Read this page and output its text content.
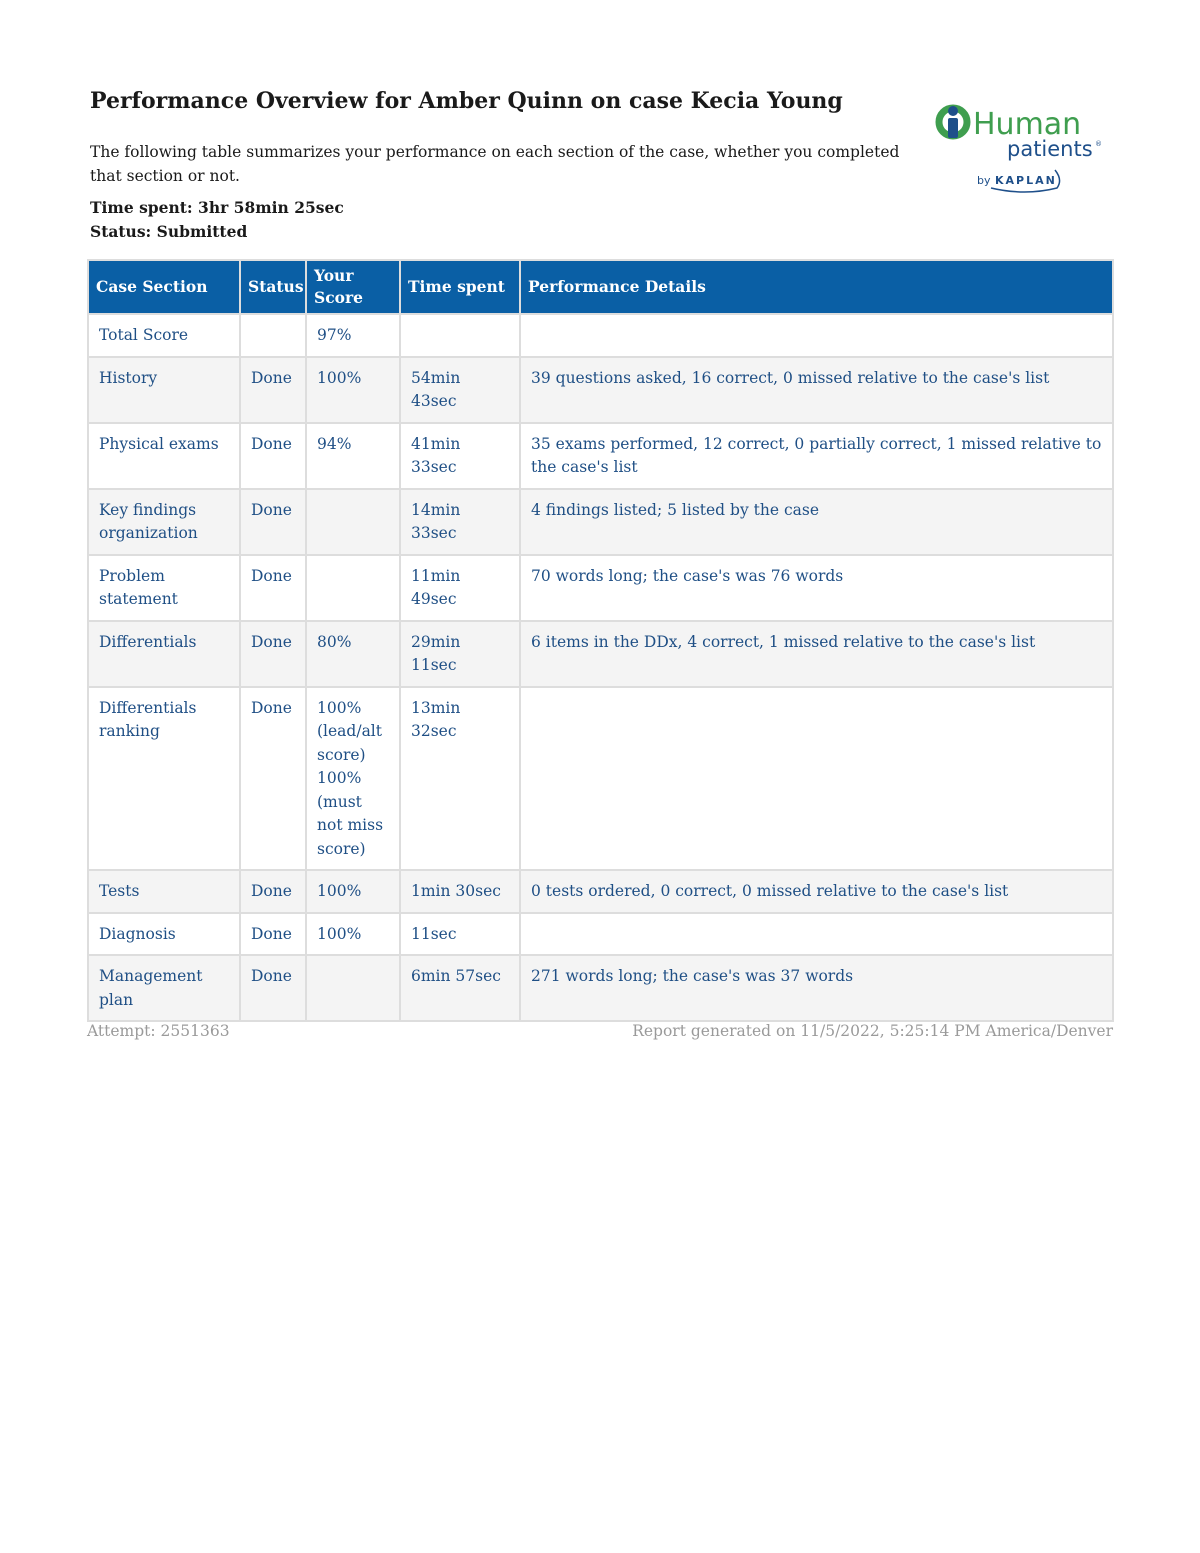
Performance Overview for Amber Quinn on case Kecia Young

The following table summarizes your performance on each section of the case, whether you completed that section or not.

Time spent: 3hr 58min 25sec
Status: Submitted
Human
patients ®
by KAPLAN
Case Section	Status	Your Score	Time spent	Performance Details
Total Score		97%		
History	Done	100%	54min 43sec	39 questions asked, 16 correct, 0 missed relative to the case's list
Physical exams	Done	94%	41min 33sec	35 exams performed, 12 correct, 0 partially correct, 1 missed relative to the case's list
Key findings organization	Done		14min 33sec	4 findings listed; 5 listed by the case
Problem statement	Done		11min 49sec	70 words long; the case's was 76 words
Differentials	Done	80%	29min 11sec	6 items in the DDx, 4 correct, 1 missed relative to the case's list
Differentials ranking	Done	100% (lead/alt score) 100% (must not miss score)	13min 32sec	
Tests	Done	100%	1min 30sec	0 tests ordered, 0 correct, 0 missed relative to the case's list
Diagnosis	Done	100%	11sec	
Management plan	Done		6min 57sec	271 words long; the case's was 37 words
Attempt: 2551363	Report generated on 11/5/2022, 5:25:14 PM America/Denver
